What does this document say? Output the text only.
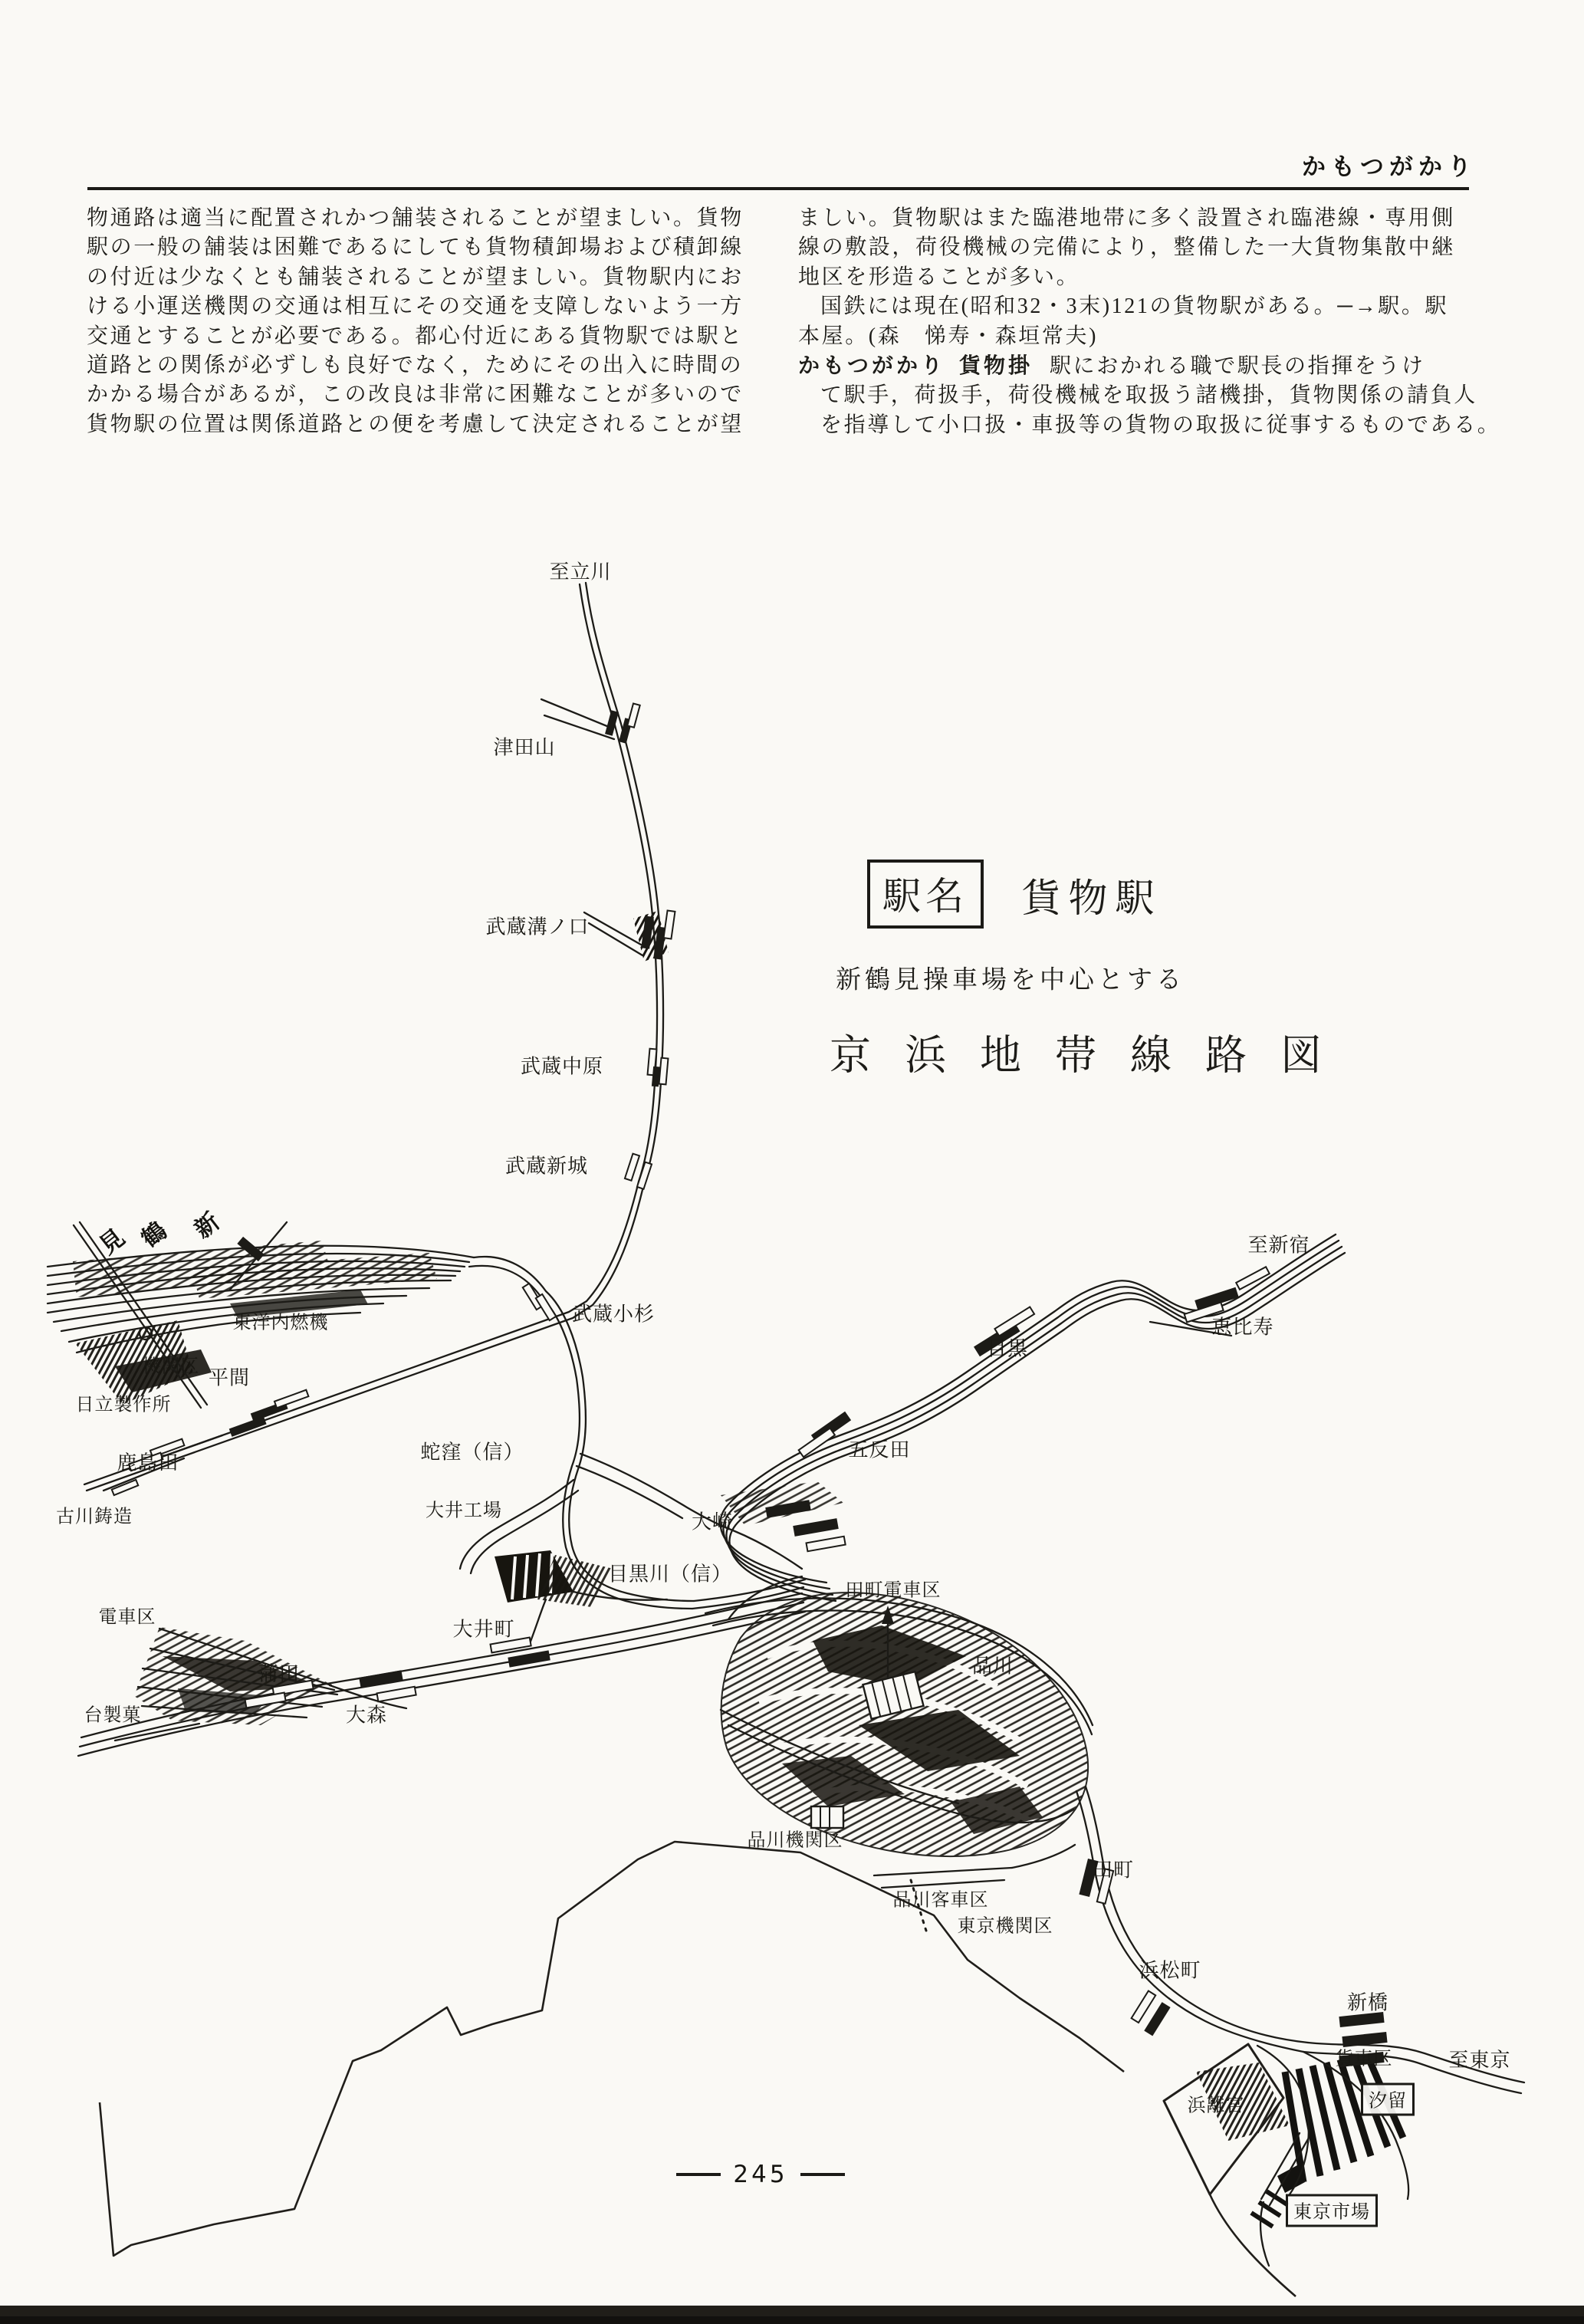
かもつがかり
物通路は適当に配置されかつ舗装されることが望ましい。貨物
駅の一般の舗装は困難であるにしても貨物積卸場および積卸線
の付近は少なくとも舗装されることが望ましい。貨物駅内にお
ける小運送機関の交通は相互にその交通を支障しないよう一方
交通とすることが必要である。都心付近にある貨物駅では駅と
道路との関係が必ずしも良好でなく，ためにその出入に時間の
かかる場合があるが，この改良は非常に困難なことが多いので
貨物駅の位置は関係道路との便を考慮して決定されることが望
ましい。貨物駅はまた臨港地帯に多く設置され臨港線・専用側
線の敷設，荷役機械の完備により，整備した一大貨物集散中継
地区を形造ることが多い。
国鉄には現在(昭和32・3末)121の貨物駅がある。─→駅。駅
本屋。(森　悌寿・森垣常夫)
かもつがかり 貨物掛 駅におかれる職で駅長の指揮をうけ
て駅手，荷扱手，荷役機械を取扱う諸機掛，貨物関係の請負人
を指導して小口扱・車扱等の貨物の取扱に従事するものである。
駅名	貨物駅
新鶴見操車場を中心とする
京浜地帯線路図
至立川
津田山
武蔵溝ノ口
武蔵中原
武蔵新城
武蔵小杉
新
鶴
見
東洋内燃機
機関区 平間
日立製作所
鹿島田
古川鋳造
蛇窪（信）
大井工場	大崎
目黒川（信）
五反田
目黒
恵比寿
至新宿
電車区
台製菓
蒲田
大森
大井町
田町電車区
品川
品川機関区
品川客車区
東京機関区
田町
浜松町
新橋
貨車区	至東京
汐留
浜離宮
東京市場
245
